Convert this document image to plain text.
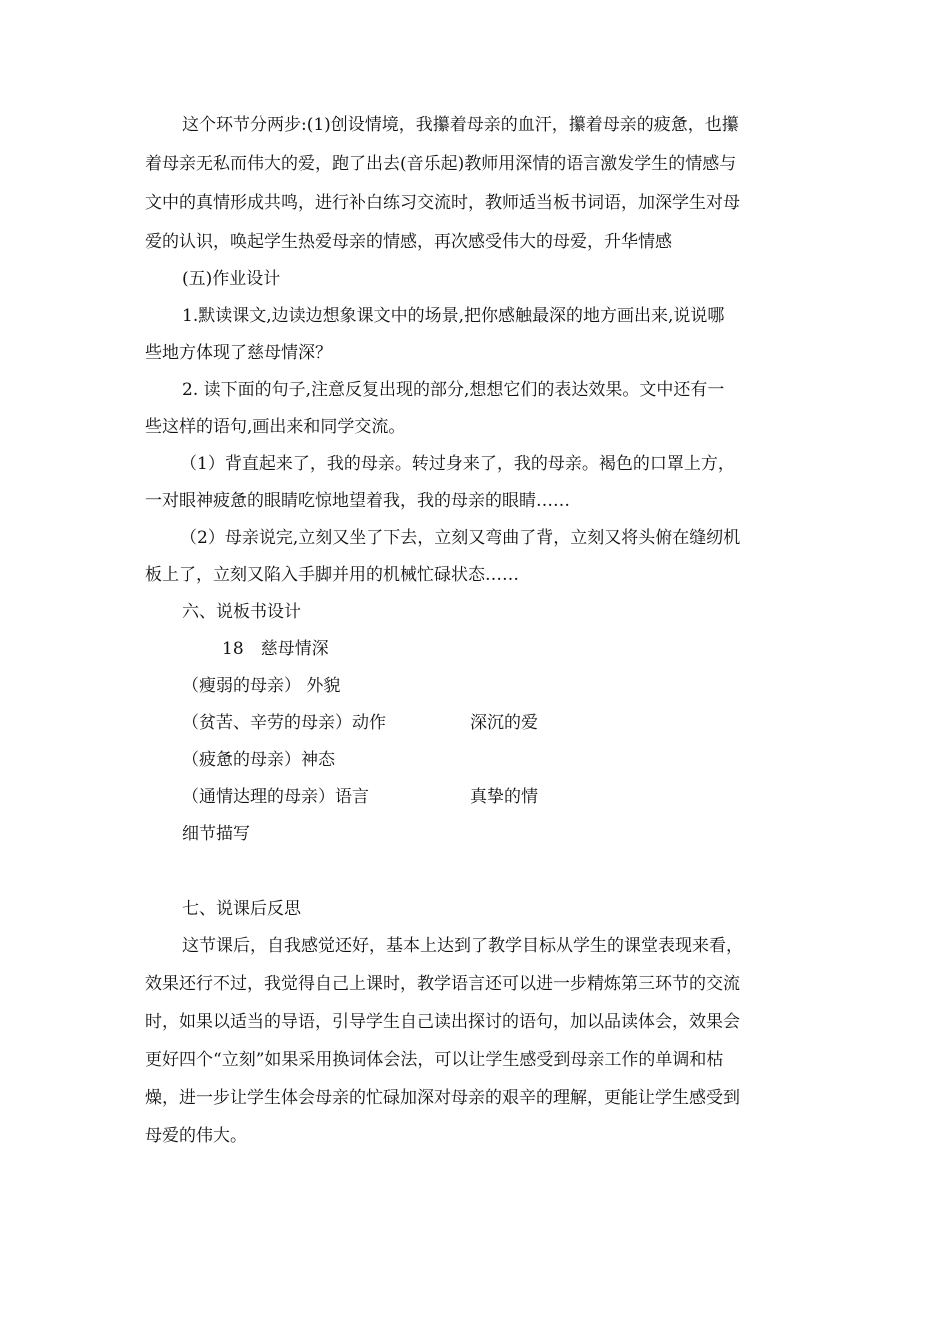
这个环节分两步:(1)创设情境，我攥着母亲的血汗，攥着母亲的疲惫，也攥
着母亲无私而伟大的爱，跑了出去(音乐起)教师用深情的语言激发学生的情感与
文中的真情形成共鸣，进行补白练习交流时，教师适当板书词语，加深学生对母
爱的认识，唤起学生热爱母亲的情感，再次感受伟大的母爱，升华情感
(五)作业设计
1.默读课文,边读边想象课文中的场景,把你感触最深的地方画出来,说说哪
些地方体现了慈母情深？
2. 读下面的句子,注意反复出现的部分,想想它们的表达效果。文中还有一
些这样的语句,画出来和同学交流。
（1）背直起来了，我的母亲。转过身来了，我的母亲。褐色的口罩上方，
一对眼神疲惫的眼睛吃惊地望着我，我的母亲的眼睛……
（2）母亲说完,立刻又坐了下去，立刻又弯曲了背，立刻又将头俯在缝纫机
板上了，立刻又陷入手脚并用的机械忙碌状态……
六、说板书设计
18　慈母情深
（瘦弱的母亲） 外貌
（贫苦、辛劳的母亲）动作	深沉的爱
（疲惫的母亲）神态
（通情达理的母亲）语言	真挚的情
细节描写
七、说课后反思
这节课后，自我感觉还好，基本上达到了教学目标从学生的课堂表现来看，
效果还行不过，我觉得自己上课时，教学语言还可以进一步精炼第三环节的交流
时，如果以适当的导语，引导学生自己读出探讨的语句，加以品读体会，效果会
更好四个“立刻”如果采用换词体会法，可以让学生感受到母亲工作的单调和枯
燥，进一步让学生体会母亲的忙碌加深对母亲的艰辛的理解，更能让学生感受到
母爱的伟大。
